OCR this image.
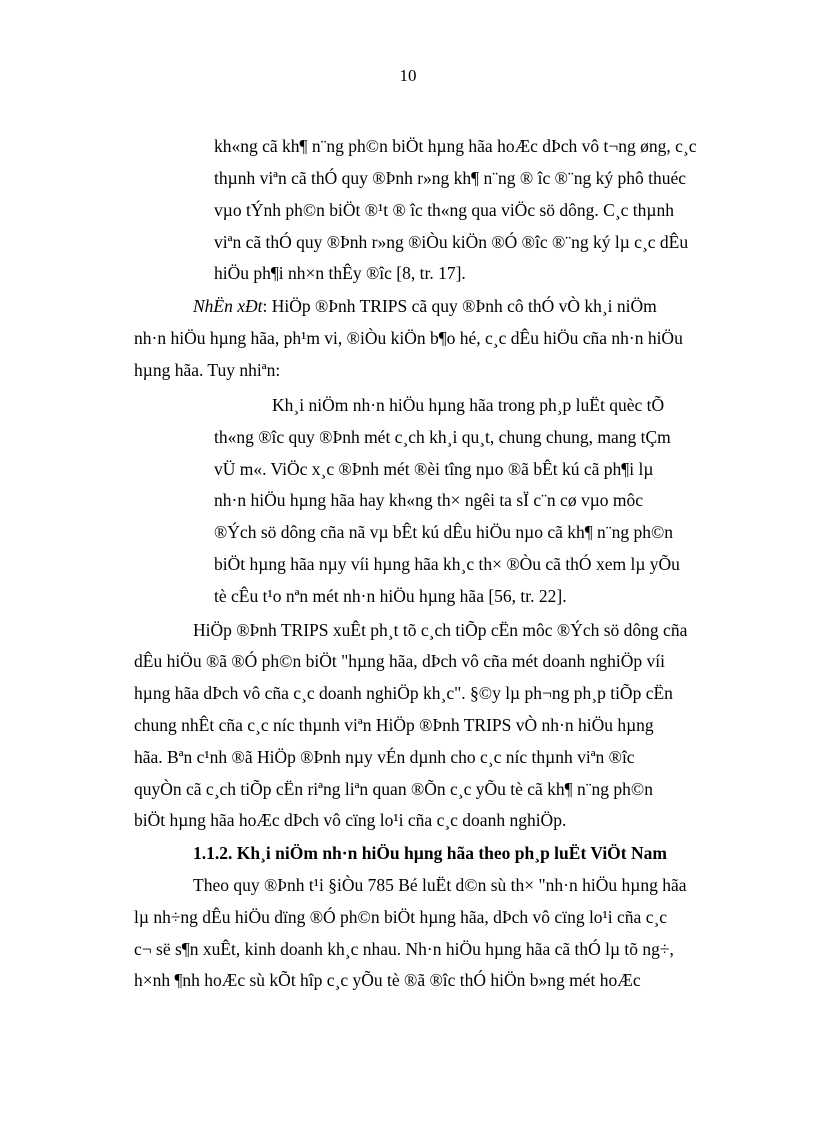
10
kh«ng cã kh¶ n¨ng ph©n biÖt hµng hãa hoÆc dÞch vô t¬ng øng, c¸c
thµnh viªn cã thÓ quy ®Þnh r»ng kh¶ n¨ng ® îc ®¨ng ký phô thuéc
vµo tÝnh ph©n biÖt ®¹t ® îc th«ng qua viÖc sö dông. C¸c thµnh
viªn cã thÓ quy ®Þnh r»ng ®iÒu kiÖn ®Ó ®îc ®¨ng ký lµ c¸c dÊu
hiÖu ph¶i nh×n thÊy ®îc [8, tr. 17].
NhËn xÐt: HiÖp ®Þnh TRIPS cã quy ®Þnh cô thÓ vÒ kh¸i niÖm
nh·n hiÖu hµng hãa, ph¹m vi, ®iÒu kiÖn b¶o hé, c¸c dÊu hiÖu cña nh·n hiÖu
hµng hãa. Tuy nhiªn:
Kh¸i niÖm nh·n hiÖu hµng hãa trong ph¸p luËt quèc tÕ
th«ng ®îc quy ®Þnh mét c¸ch kh¸i qu¸t, chung chung, mang tÇm
vÜ m«. ViÖc x¸c ®Þnh mét ®èi tîng nµo ®ã bÊt kú cã ph¶i lµ
nh·n hiÖu hµng hãa hay kh«ng th× ngêi ta sÏ c¨n cø vµo môc
®Ých sö dông cña nã vµ bÊt kú dÊu hiÖu nµo cã kh¶ n¨ng ph©n
biÖt hµng hãa nµy víi hµng hãa kh¸c th× ®Òu cã thÓ xem lµ yÕu
tè cÊu t¹o nªn mét nh·n hiÖu hµng hãa [56, tr. 22].
HiÖp ®Þnh TRIPS xuÊt ph¸t tõ c¸ch tiÕp cËn môc ®Ých sö dông cña
dÊu hiÖu ®ã ®Ó ph©n biÖt "hµng hãa, dÞch vô cña mét doanh nghiÖp víi
hµng hãa dÞch vô cña c¸c doanh nghiÖp kh¸c". §©y lµ ph¬ng ph¸p tiÕp cËn
chung nhÊt cña c¸c níc thµnh viªn HiÖp ®Þnh TRIPS vÒ nh·n hiÖu hµng
hãa. Bªn c¹nh ®ã HiÖp ®Þnh nµy vÉn dµnh cho c¸c níc thµnh viªn ®îc
quyÒn cã c¸ch tiÕp cËn riªng liªn quan ®Õn c¸c yÕu tè cã kh¶ n¨ng ph©n
biÖt hµng hãa hoÆc dÞch vô cïng lo¹i cña c¸c doanh nghiÖp.
1.1.2. Kh¸i niÖm nh·n hiÖu hµng hãa theo ph¸p luËt ViÖt Nam
Theo quy ®Þnh t¹i §iÒu 785 Bé luËt d©n sù th× "nh·n hiÖu hµng hãa
lµ nh÷ng dÊu hiÖu dïng ®Ó ph©n biÖt hµng hãa, dÞch vô cïng lo¹i cña c¸c
c¬ së s¶n xuÊt, kinh doanh kh¸c nhau. Nh·n hiÖu hµng hãa cã thÓ lµ tõ ng÷,
h×nh ¶nh hoÆc sù kÕt hîp c¸c yÕu tè ®ã ®îc thÓ hiÖn b»ng mét hoÆc
